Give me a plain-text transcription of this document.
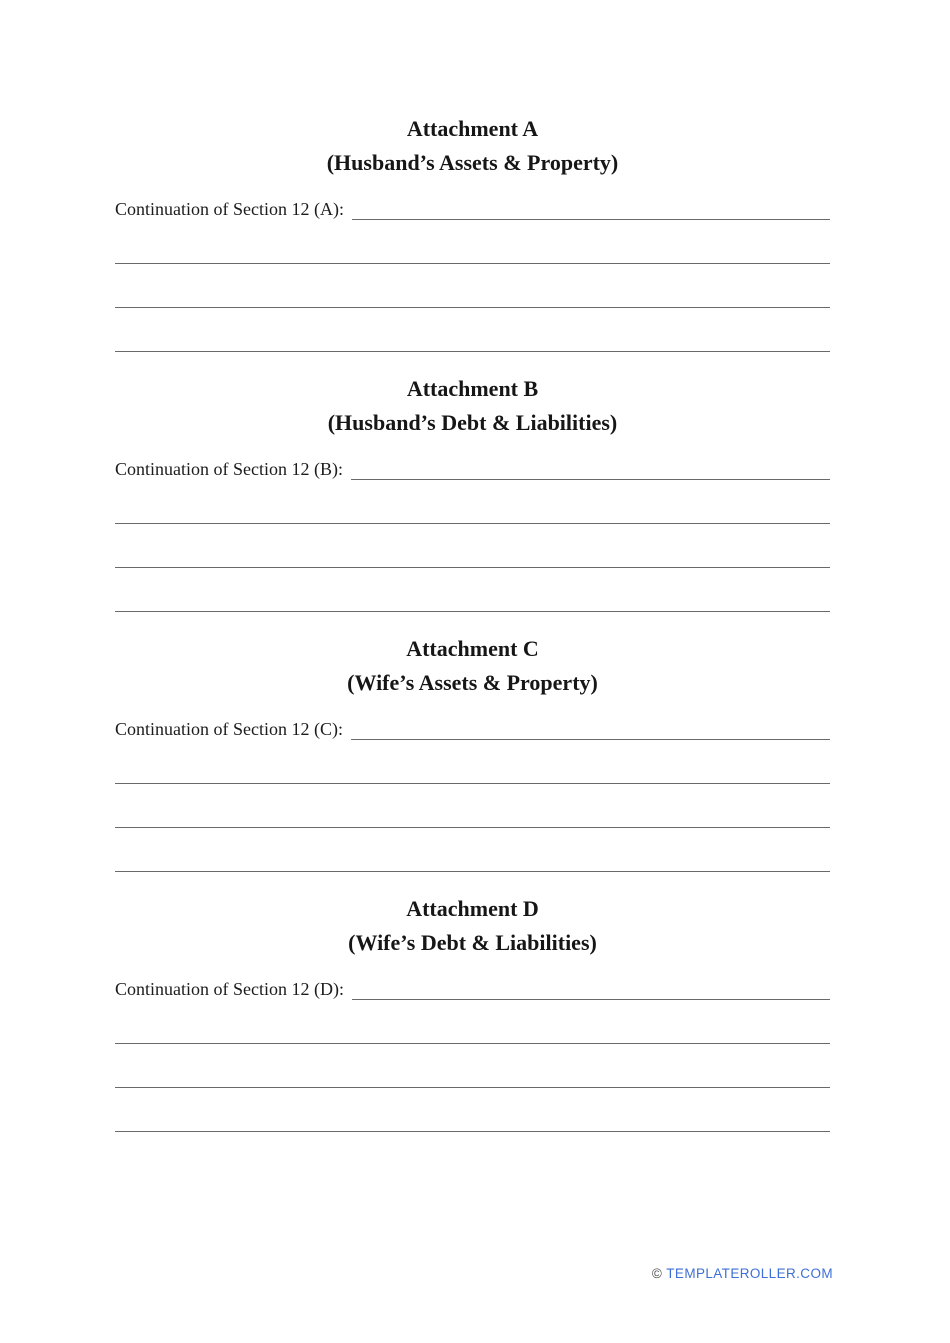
Attachment A
(Husband’s Assets & Property)
Continuation of Section 12 (A):
Attachment B
(Husband’s Debt & Liabilities)
Continuation of Section 12 (B):
Attachment C
(Wife’s Assets & Property)
Continuation of Section 12 (C):
Attachment D
(Wife’s Debt & Liabilities)
Continuation of Section 12 (D):
© TEMPLATEROLLER.COM
